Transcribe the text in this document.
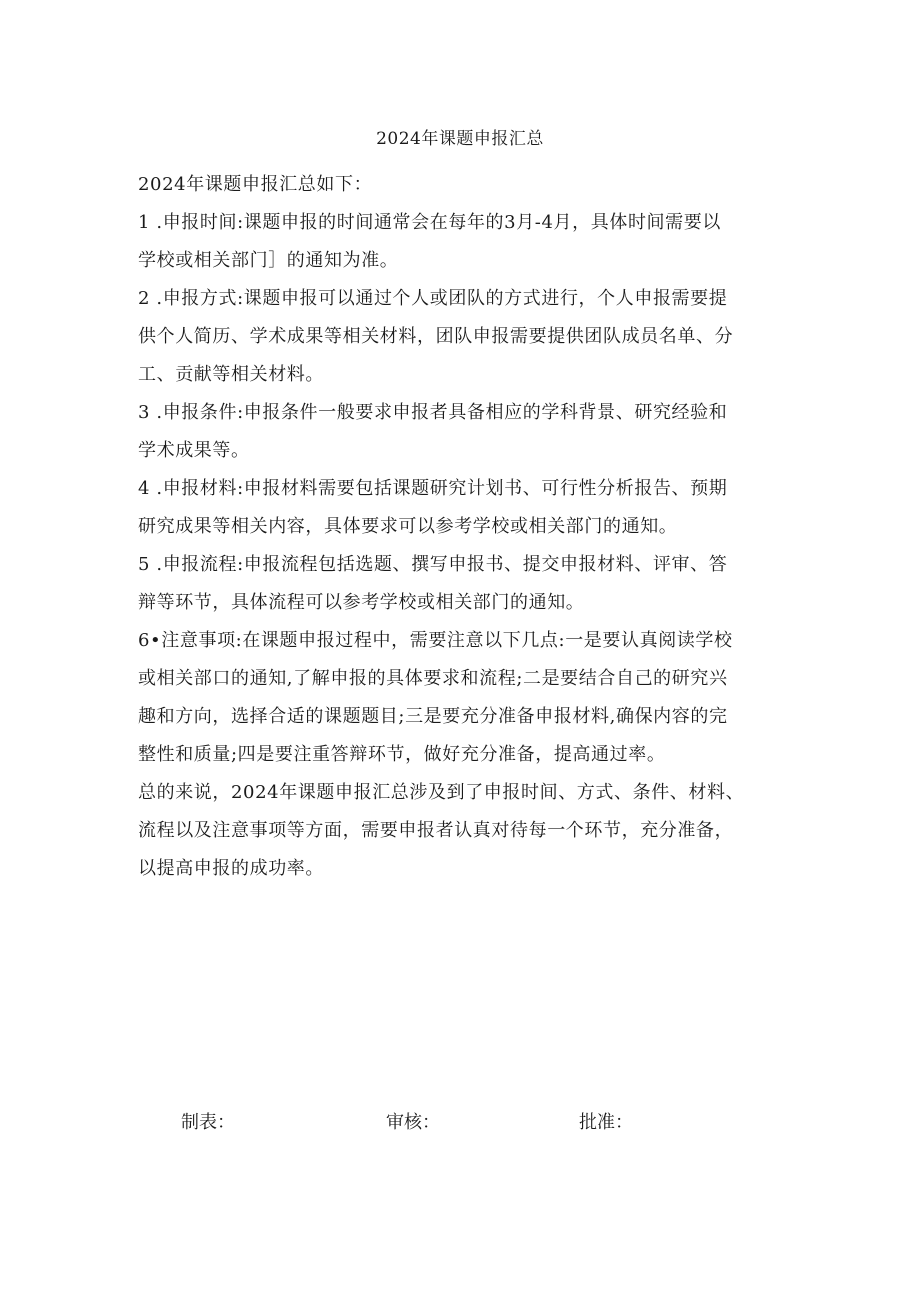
2024年课题申报汇总
2024年课题申报汇总如下：
1 .申报时间:课题申报的时间通常会在每年的3月-4月，具体时间需要以
学校或相关部门］的通知为准。
2 .申报方式:课题申报可以通过个人或团队的方式进行，个人申报需要提
供个人简历、学术成果等相关材料，团队申报需要提供团队成员名单、分
工、贡献等相关材料。
3 .申报条件:申报条件一般要求申报者具备相应的学科背景、研究经验和
学术成果等。
4 .申报材料:申报材料需要包括课题研究计划书、可行性分析报告、预期
研究成果等相关内容，具体要求可以参考学校或相关部门的通知。
5 .申报流程:申报流程包括选题、撰写申报书、提交申报材料、评审、答
辩等环节，具体流程可以参考学校或相关部门的通知。
6•注意事项:在课题申报过程中，需要注意以下几点:一是要认真阅读学校
或相关部口的通知,了解申报的具体要求和流程;二是要结合自己的研究兴
趣和方向，选择合适的课题题目;三是要充分准备申报材料,确保内容的完
整性和质量;四是要注重答辩环节，做好充分准备，提高通过率。
总的来说，2024年课题申报汇总涉及到了申报时间、方式、条件、材料、
流程以及注意事项等方面，需要申报者认真对待每一个环节，充分准备，
以提高申报的成功率。
制表：	审核：	批准：
